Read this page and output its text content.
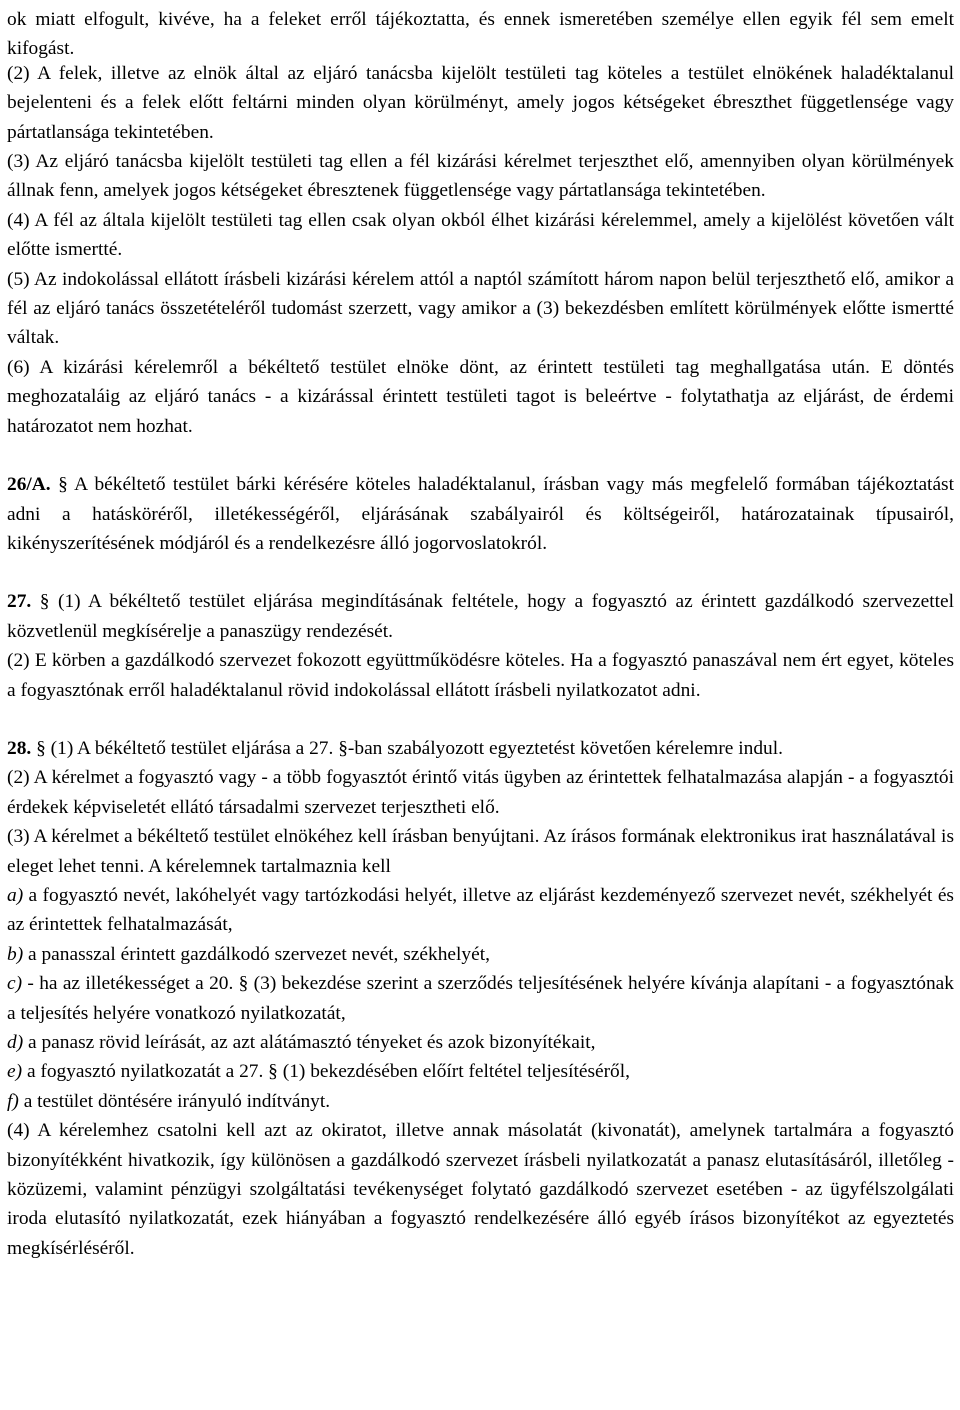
ok miatt elfogult, kivéve, ha a feleket erről tájékoztatta, és ennek ismeretében személye ellen egyik fél sem emelt kifogást.

(2) A felek, illetve az elnök által az eljáró tanácsba kijelölt testületi tag köteles a testület elnökének haladéktalanul bejelenteni és a felek előtt feltárni minden olyan körülményt, amely jogos kétségeket ébreszthet függetlensége vagy pártatlansága tekintetében.

(3) Az eljáró tanácsba kijelölt testületi tag ellen a fél kizárási kérelmet terjeszthet elő, amennyiben olyan körülmények állnak fenn, amelyek jogos kétségeket ébresztenek függetlensége vagy pártatlansága tekintetében.

(4) A fél az általa kijelölt testületi tag ellen csak olyan okból élhet kizárási kérelemmel, amely a kijelölést követően vált előtte ismertté.

(5) Az indokolással ellátott írásbeli kizárási kérelem attól a naptól számított három napon belül terjeszthető elő, amikor a fél az eljáró tanács összetételéről tudomást szerzett, vagy amikor a (3) bekezdésben említett körülmények előtte ismertté váltak.

(6) A kizárási kérelemről a békéltető testület elnöke dönt, az érintett testületi tag meghallgatása után. E döntés meghozataláig az eljáró tanács - a kizárással érintett testületi tagot is beleértve - folytathatja az eljárást, de érdemi határozatot nem hozhat.

26/A. § A békéltető testület bárki kérésére köteles haladéktalanul, írásban vagy más megfelelő formában tájékoztatást adni a hatásköréről, illetékességéről, eljárásának szabályairól és költségeiről, határozatainak típusairól, kikényszerítésének módjáról és a rendelkezésre álló jogorvoslatokról.

27. § (1) A békéltető testület eljárása megindításának feltétele, hogy a fogyasztó az érintett gazdálkodó szervezettel közvetlenül megkísérelje a panaszügy rendezését.

(2) E körben a gazdálkodó szervezet fokozott együttműködésre köteles. Ha a fogyasztó panaszával nem ért egyet, köteles a fogyasztónak erről haladéktalanul rövid indokolással ellátott írásbeli nyilatkozatot adni.

28. § (1) A békéltető testület eljárása a 27. §-ban szabályozott egyeztetést követően kérelemre indul.

(2) A kérelmet a fogyasztó vagy - a több fogyasztót érintő vitás ügyben az érintettek felhatalmazása alapján - a fogyasztói érdekek képviseletét ellátó társadalmi szervezet terjesztheti elő.

(3) A kérelmet a békéltető testület elnökéhez kell írásban benyújtani. Az írásos formának elektronikus irat használatával is eleget lehet tenni. A kérelemnek tartalmaznia kell

a) a fogyasztó nevét, lakóhelyét vagy tartózkodási helyét, illetve az eljárást kezdeményező szervezet nevét, székhelyét és az érintettek felhatalmazását,

b) a panasszal érintett gazdálkodó szervezet nevét, székhelyét,

c) - ha az illetékességet a 20. § (3) bekezdése szerint a szerződés teljesítésének helyére kívánja alapítani - a fogyasztónak a teljesítés helyére vonatkozó nyilatkozatát,

d) a panasz rövid leírását, az azt alátámasztó tényeket és azok bizonyítékait,

e) a fogyasztó nyilatkozatát a 27. § (1) bekezdésében előírt feltétel teljesítéséről,

f) a testület döntésére irányuló indítványt.

(4) A kérelemhez csatolni kell azt az okiratot, illetve annak másolatát (kivonatát), amelynek tartalmára a fogyasztó bizonyítékként hivatkozik, így különösen a gazdálkodó szervezet írásbeli nyilatkozatát a panasz elutasításáról, illetőleg - közüzemi, valamint pénzügyi szolgáltatási tevékenységet folytató gazdálkodó szervezet esetében - az ügyfélszolgálati iroda elutasító nyilatkozatát, ezek hiányában a fogyasztó rendelkezésére álló egyéb írásos bizonyítékot az egyeztetés megkísérléséről.
